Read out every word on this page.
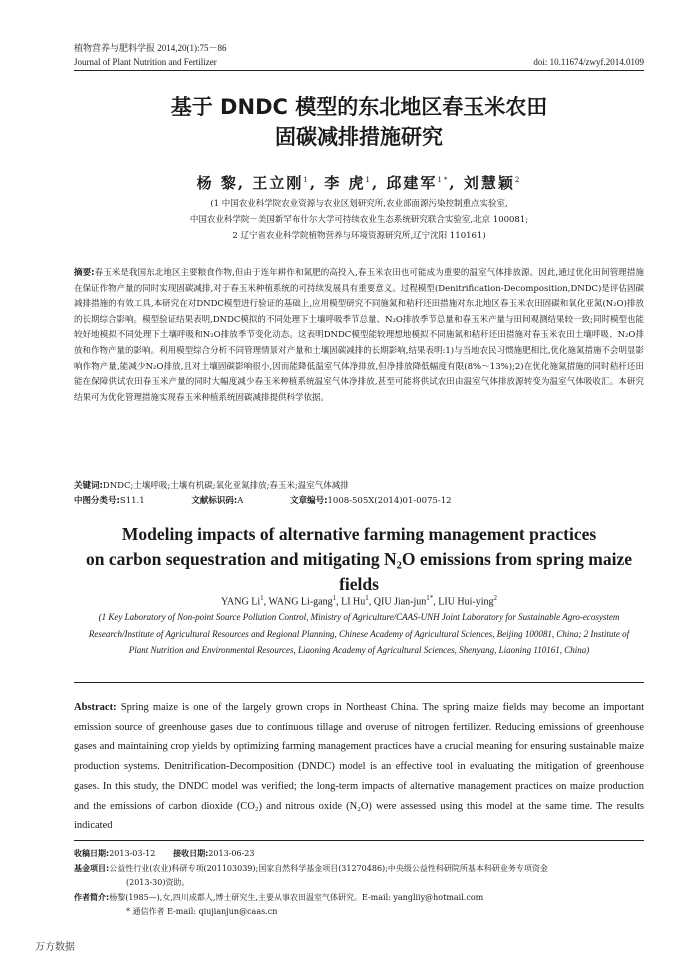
植物营养与肥料学报 2014,20(1):75－86
Journal of Plant Nutrition and Fertilizer	doi: 10.11674/zwyf.2014.0109
基于 DNDC 模型的东北地区春玉米农田
固碳减排措施研究
杨 黎, 王立刚$^1$, 李 虎$^1$, 邱建军$^{1*}$, 刘慧颖$^2$
(1 中国农业科学院农业资源与农业区划研究所,农业部面源污染控制重点实验室,
中国农业科学院－美国新罕布什尔大学可持续农业生态系统研究联合实验室,北京 100081;
2 辽宁省农业科学院植物营养与环境资源研究所,辽宁沈阳 110161)
摘要:春玉米是我国东北地区主要粮食作物,但由于连年耕作和氮肥的高投入,春玉米农田也可能成为重要的温室气体排放源。因此,通过优化田间管理措施在保证作物产量的同时实现固碳减排,对于春玉米种植系统的可持续发展具有重要意义。过程模型(Denitrification-Decomposition,DNDC)是评估固碳减排措施的有效工具,本研究在对DNDC模型进行验证的基础上,应用模型研究不同施氮和秸秆还田措施对东北地区春玉米农田固碳和氧化亚氮(N₂O)排放的长期综合影响。模型验证结果表明,DNDC模拟的不同处理下土壤呼吸季节总量、N₂O排放季节总量和春玉米产量与田间观测结果较一致;同时模型也能较好地模拟不同处理下土壤呼吸和N₂O排放季节变化动态。这表明DNDC模型能较理想地模拟不同施氮和秸秆还田措施对春玉米农田土壤呼吸、N₂O排放和作物产量的影响。利用模型综合分析不同管理情景对产量和土壤固碳减排的长期影响,结果表明:1)与当地农民习惯施肥相比,优化施氮措施不会明显影响作物产量,能减少N₂O排放,且对土壤固碳影响很小,因而能降低温室气体净排放,但净排放降低幅度有限(8%～13%);2)在优化施氮措施的同时秸秆还田能在保障供试农田春玉米产量的同时大幅度减少春玉米种植系统温室气体净排放,甚至可能将供试农田由温室气体排放源转变为温室气体吸收汇。本研究结果可为优化管理措施实现春玉米种植系统固碳减排提供科学依据。
关键词:DNDC;土壤呼吸;土壤有机碳;氧化亚氮排放;春玉米;温室气体减排
中图分类号:S11.1	文献标识码:A	文章编号:1008-505X(2014)01-0075-12
Modeling impacts of alternative farming management practices
on carbon sequestration and mitigating N₂O emissions from spring maize fields
YANG Li$^1$, WANG Li-gang$^1$, LI Hu$^1$, QIU Jian-jun$^{1*}$, LIU Hui-ying$^2$
(1 Key Laboratory of Non-point Source Pollution Control, Ministry of Agriculture/CAAS-UNH Joint Laboratory for Sustainable Agro-ecosystem Research/Institute of Agricultural Resources and Regional Planning, Chinese Academy of Agricultural Sciences, Beijing 100081, China; 2 Institute of Plant Nutrition and Environmental Resources, Liaoning Academy of Agricultural Sciences, Shenyang, Liaoning 110161, China)
Abstract: Spring maize is one of the largely grown crops in Northeast China. The spring maize fields may become an important emission source of greenhouse gases due to continuous tillage and overuse of nitrogen fertilizer. Reducing emissions of greenhouse gases and maintaining crop yields by optimizing farming management practices have a crucial meaning for ensuring sustainable maize production systems. Denitrification-Decomposition (DNDC) model is an effective tool in evaluating the mitigation of greenhouse gases. In this study, the DNDC model was verified; the long-term impacts of alternative management practices on maize production and the emissions of carbon dioxide (CO₂) and nitrous oxide (N₂O) were assessed using this model at the same time. The results indicated
收稿日期:2013-03-12 接收日期:2013-06-23
基金项目:公益性行业(农业)科研专项(201103039);国家自然科学基金项目(31270486);中央级公益性科研院所基本科研业务专项资金
(2013-30)资助。
作者简介:杨黎(1985—),女,四川成都人,博士研究生,主要从事农田温室气体研究。E-mail: yangliiy@hotmail.com
* 通信作者 E-mail: qiujianjun@caas.cn
万方数据
